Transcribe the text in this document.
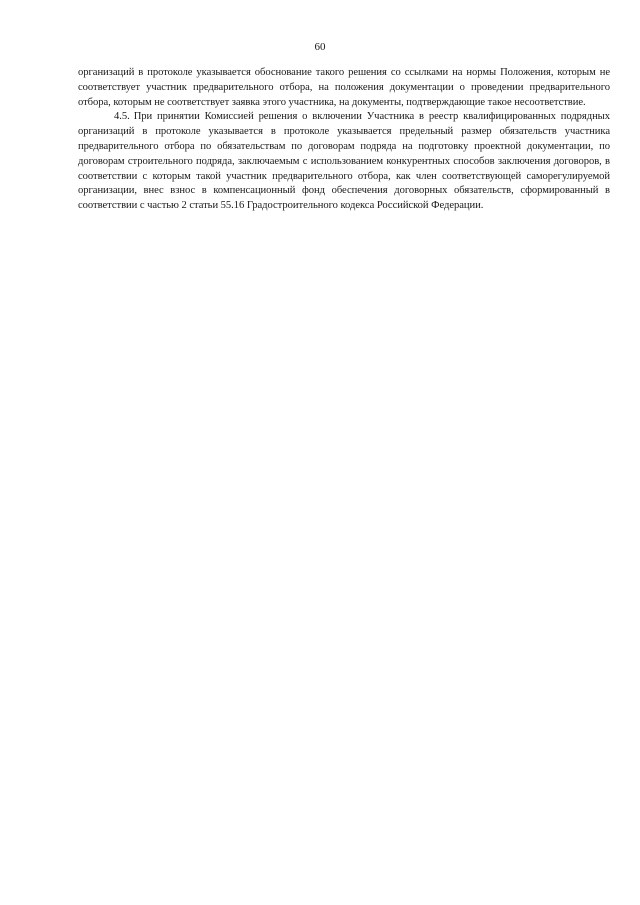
60

организаций в протоколе указывается обоснование такого решения со ссылками на нормы Положения, которым не соответствует участник предварительного отбора, на положения документации о проведении предварительного отбора, которым не соответствует заявка этого участника, на документы, подтверждающие такое несоответствие.

4.5. При принятии Комиссией решения о включении Участника в реестр квалифицированных подрядных организаций в протоколе указывается в протоколе указывается предельный размер обязательств участника предварительного отбора по обязательствам по договорам подряда на подготовку проектной документации, по договорам строительного подряда, заключаемым с использованием конкурентных способов заключения договоров, в соответствии с которым такой участник предварительного отбора, как член соответствующей саморегулируемой организации, внес взнос в компенсационный фонд обеспечения договорных обязательств, сформированный в соответствии с частью 2 статьи 55.16 Градостроительного кодекса Российской Федерации.
